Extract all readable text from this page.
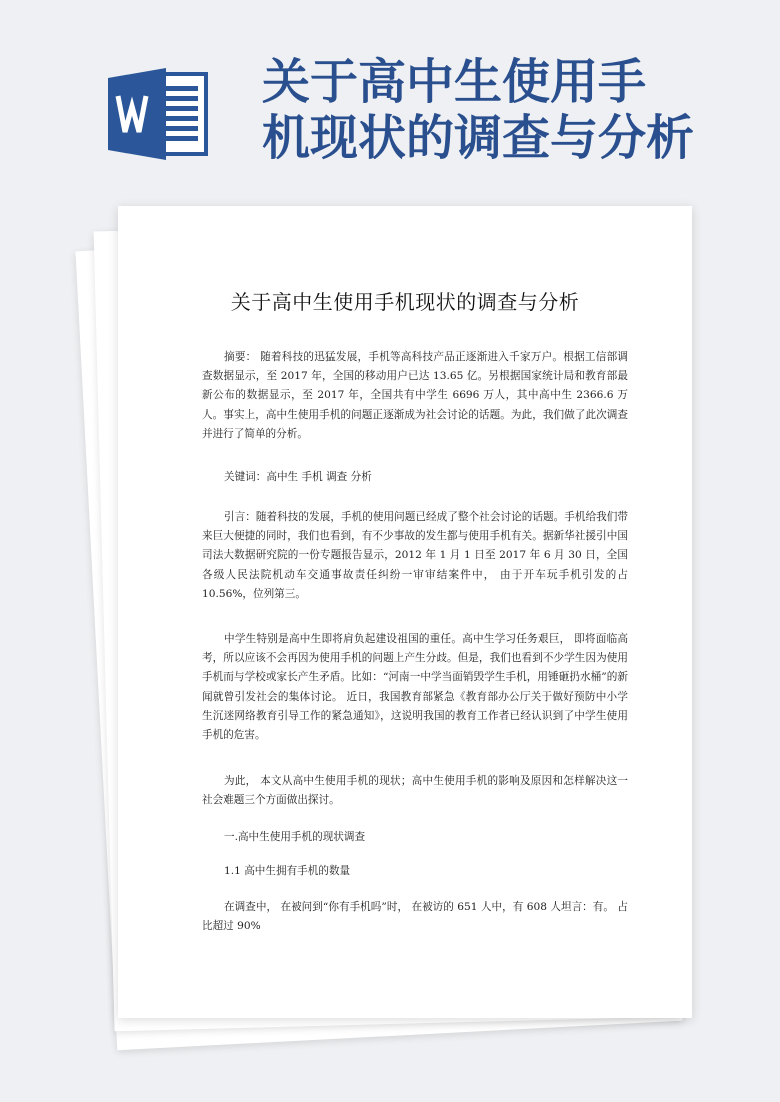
关于高中生使用手
机现状的调查与分析
关于高中生使用手机现状的调查与分析

摘要： 随着科技的迅猛发展，手机等高科技产品正逐渐进入千家万户。根据工信部调查数据显示，至 2017 年，全国的移动用户已达 13.65 亿。另根据国家统计局和教育部最新公布的数据显示，至 2017 年，全国共有中学生 6696 万人，其中高中生 2366.6 万人。事实上，高中生使用手机的问题正逐渐成为社会讨论的话题。为此，我们做了此次调查并进行了简单的分析。

关键词：高中生 手机 调查 分析

引言：随着科技的发展，手机的使用问题已经成了整个社会讨论的话题。手机给我们带来巨大便捷的同时，我们也看到，有不少事故的发生都与使用手机有关。据新华社援引中国司法大数据研究院的一份专题报告显示，2012 年 1 月 1 日至 2017 年 6 月 30 日，全国各级人民法院机动车交通事故责任纠纷一审审结案件中， 由于开车玩手机引发的占 10.56%，位列第三。

中学生特别是高中生即将肩负起建设祖国的重任。高中生学习任务艰巨， 即将面临高考，所以应该不会再因为使用手机的问题上产生分歧。但是，我们也看到不少学生因为使用手机而与学校或家长产生矛盾。比如：“河南一中学当面销毁学生手机，用锤砸扔水桶”的新闻就曾引发社会的集体讨论。 近日，我国教育部紧急《教育部办公厅关于做好预防中小学生沉迷网络教育引导工作的紧急通知》，这说明我国的教育工作者已经认识到了中学生使用手机的危害。

为此， 本文从高中生使用手机的现状；高中生使用手机的影响及原因和怎样解决这一社会难题三个方面做出探讨。

一.高中生使用手机的现状调查

1.1 高中生拥有手机的数量

在调查中， 在被问到“你有手机吗”时， 在被访的 651 人中，有 608 人坦言：有。 占比超过 90%
